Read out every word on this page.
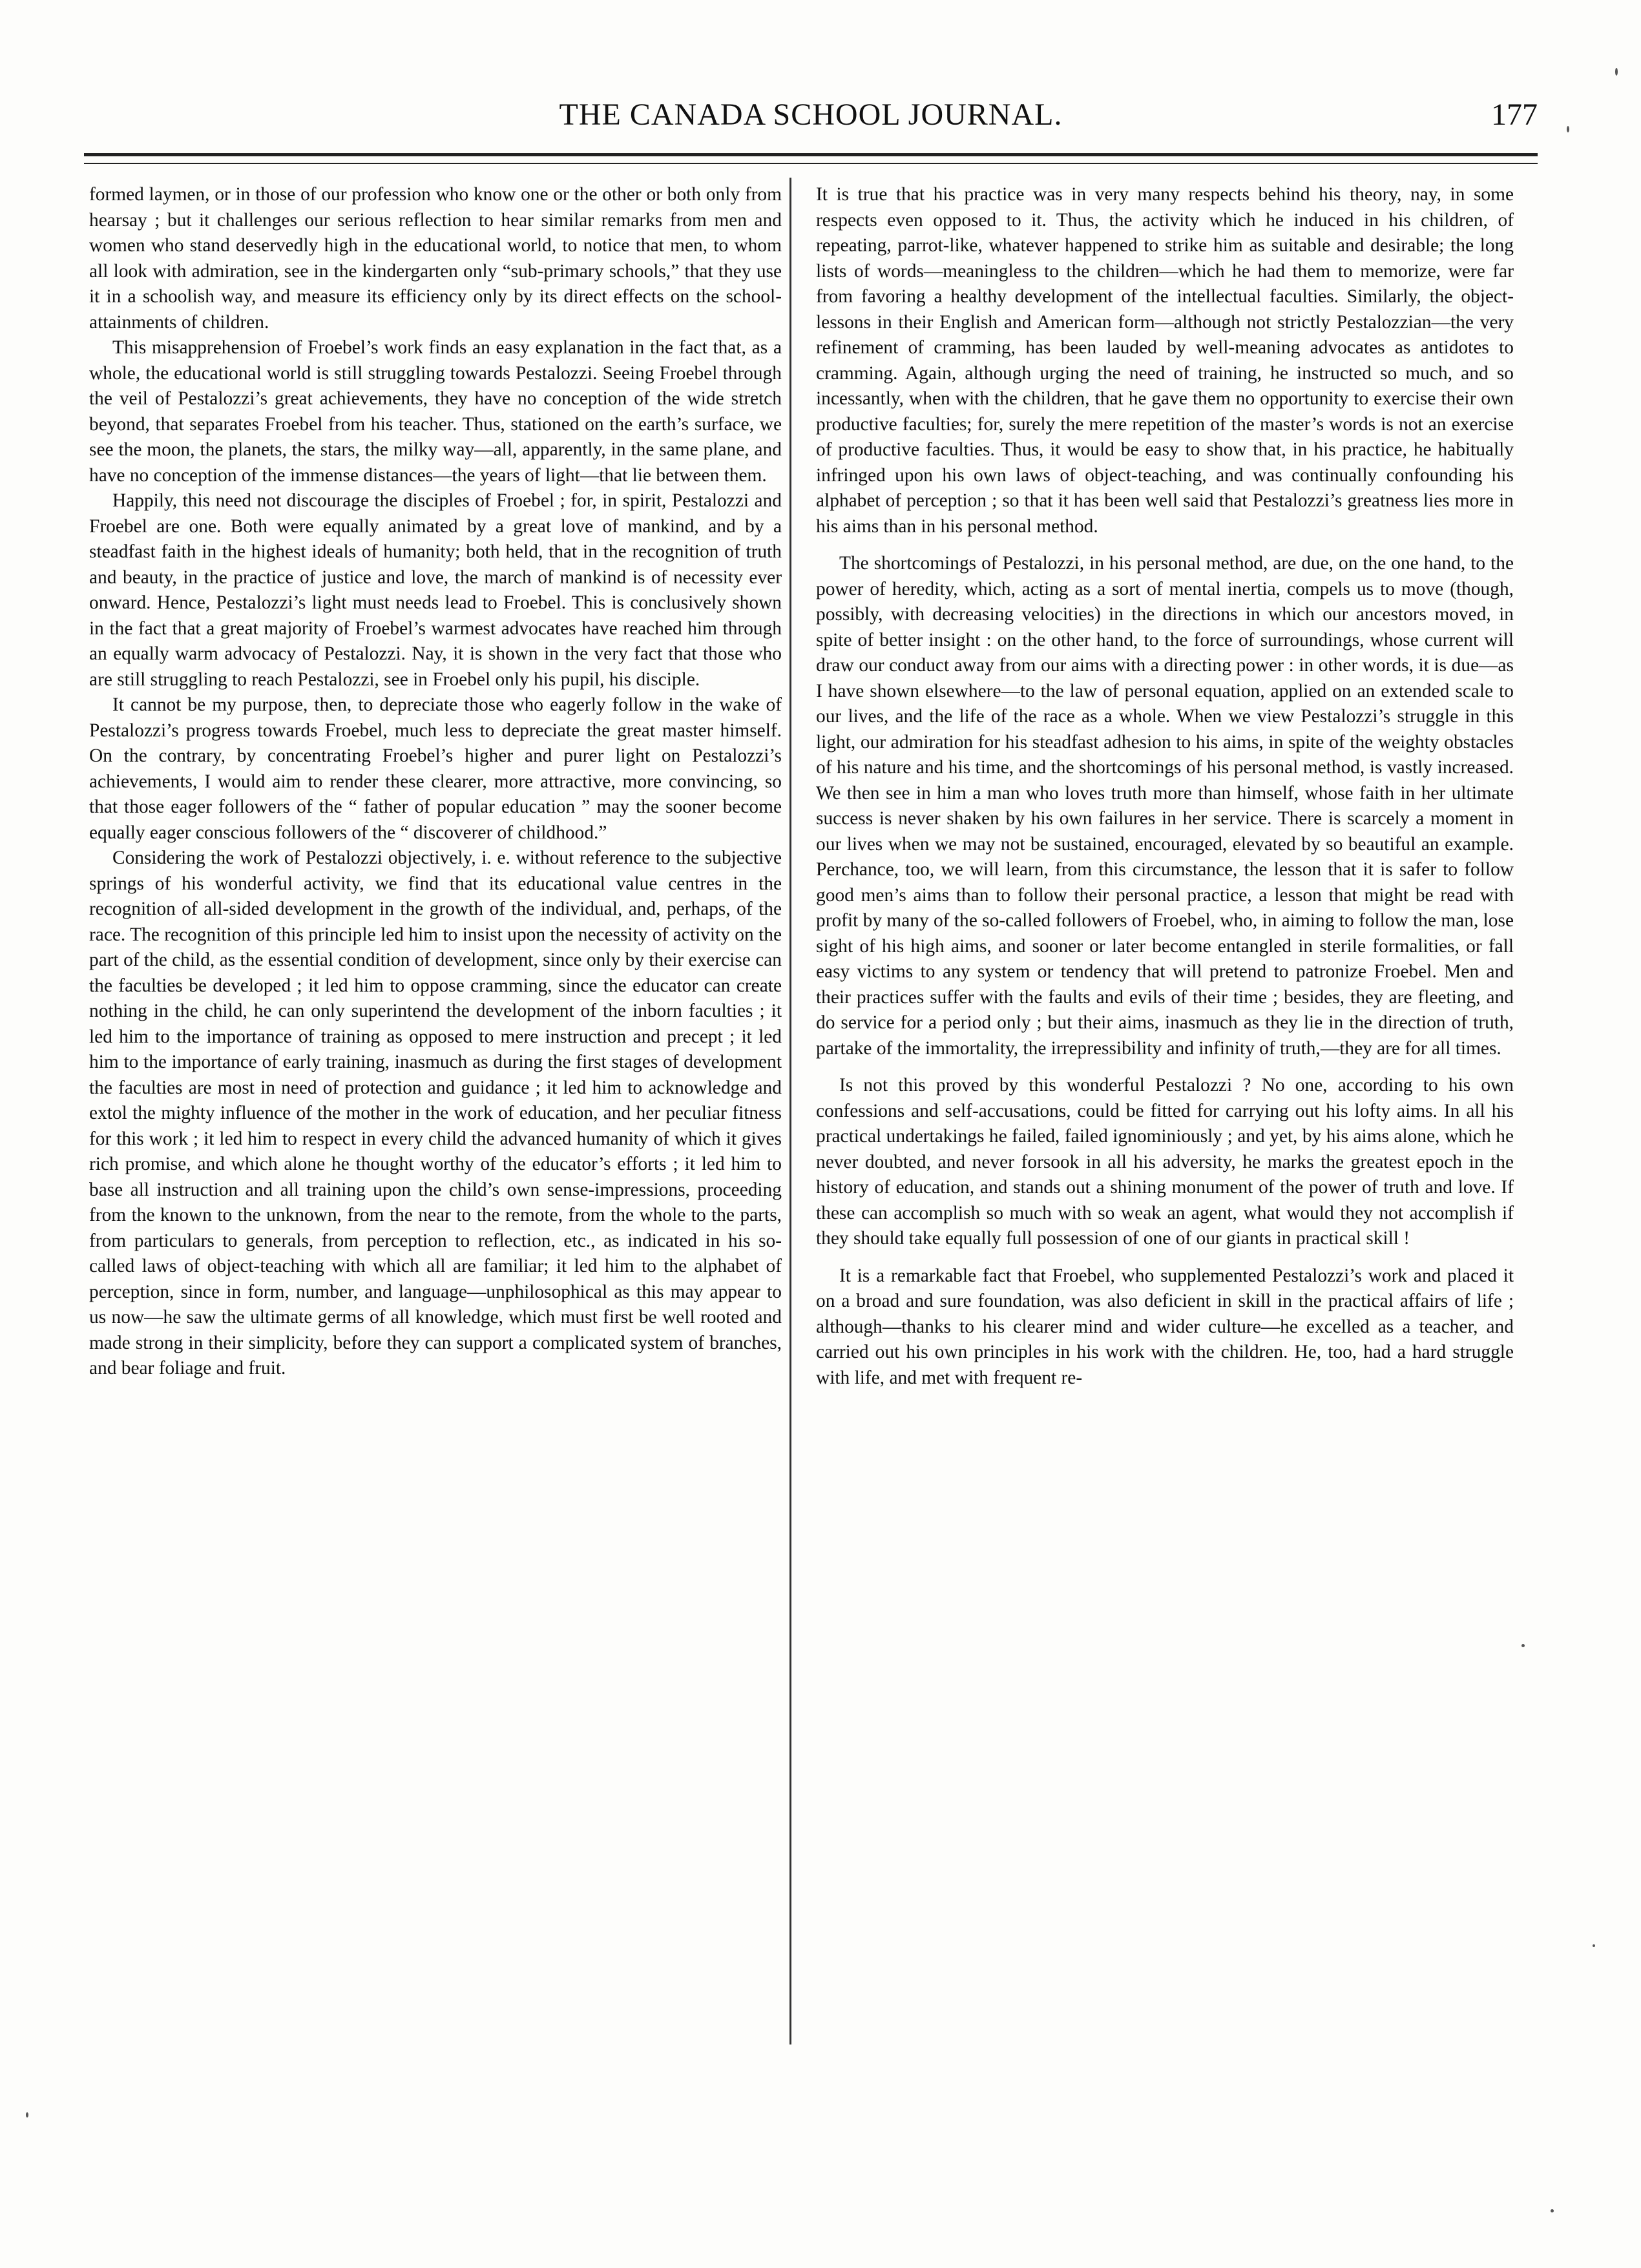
THE CANADA SCHOOL JOURNAL.	177

formed laymen, or in those of our profession who know one or the other or both only from hearsay ; but it challenges our serious reflection to hear similar remarks from men and women who stand deservedly high in the educational world, to notice that men, to whom all look with admiration, see in the kindergarten only “sub-primary schools,” that they use it in a schoolish way, and measure its efficiency only by its direct effects on the school-attainments of children.

This misapprehension of Froebel’s work finds an easy explanation in the fact that, as a whole, the educational world is still struggling towards Pestalozzi. Seeing Froebel through the veil of Pestalozzi’s great achievements, they have no conception of the wide stretch beyond, that separates Froebel from his teacher. Thus, stationed on the earth’s surface, we see the moon, the planets, the stars, the milky way—all, apparently, in the same plane, and have no conception of the immense distances—the years of light—that lie between them.

Happily, this need not discourage the disciples of Froebel ; for, in spirit, Pestalozzi and Froebel are one. Both were equally animated by a great love of mankind, and by a steadfast faith in the highest ideals of humanity; both held, that in the recognition of truth and beauty, in the practice of justice and love, the march of mankind is of necessity ever onward. Hence, Pestalozzi’s light must needs lead to Froebel. This is conclusively shown in the fact that a great majority of Froebel’s warmest advocates have reached him through an equally warm advocacy of Pestalozzi. Nay, it is shown in the very fact that those who are still struggling to reach Pestalozzi, see in Froebel only his pupil, his disciple.

It cannot be my purpose, then, to depreciate those who eagerly follow in the wake of Pestalozzi’s progress towards Froebel, much less to depreciate the great master himself. On the contrary, by concentrating Froebel’s higher and purer light on Pestalozzi’s achievements, I would aim to render these clearer, more attractive, more convincing, so that those eager followers of the “ father of popular education ” may the sooner become equally eager conscious followers of the “ discoverer of childhood.”

Considering the work of Pestalozzi objectively, i. e. without reference to the subjective springs of his wonderful activity, we find that its educational value centres in the recognition of all-sided development in the growth of the individual, and, perhaps, of the race. The recognition of this principle led him to insist upon the necessity of activity on the part of the child, as the essential condition of development, since only by their exercise can the faculties be developed ; it led him to oppose cramming, since the educator can create nothing in the child, he can only superintend the development of the inborn faculties ; it led him to the importance of training as opposed to mere instruction and precept ; it led him to the importance of early training, inasmuch as during the first stages of development the faculties are most in need of protection and guidance ; it led him to acknowledge and extol the mighty influence of the mother in the work of education, and her peculiar fitness for this work ; it led him to respect in every child the advanced humanity of which it gives rich promise, and which alone he thought worthy of the educator’s efforts ; it led him to base all instruction and all training upon the child’s own sense-impressions, proceeding from the known to the unknown, from the near to the remote, from the whole to the parts, from particulars to generals, from perception to reflection, etc., as indicated in his so-called laws of object-teaching with which all are familiar; it led him to the alphabet of perception, since in form, number, and language—unphilosophical as this may appear to us now—he saw the ultimate germs of all knowledge, which must first be well rooted and made strong in their simplicity, before they can support a complicated system of branches, and bear foliage and fruit.

It is true that his practice was in very many respects behind his theory, nay, in some respects even opposed to it. Thus, the activity which he induced in his children, of repeating, parrot-like, whatever happened to strike him as suitable and desirable; the long lists of words—meaningless to the children—which he had them to memorize, were far from favoring a healthy development of the intellectual faculties. Similarly, the object-lessons in their English and American form—although not strictly Pestalozzian—the very refinement of cramming, has been lauded by well-meaning advocates as antidotes to cramming. Again, although urging the need of training, he instructed so much, and so incessantly, when with the children, that he gave them no opportunity to exercise their own productive faculties; for, surely the mere repetition of the master’s words is not an exercise of productive faculties. Thus, it would be easy to show that, in his practice, he habitually infringed upon his own laws of object-teaching, and was continually confounding his alphabet of perception ; so that it has been well said that Pestalozzi’s greatness lies more in his aims than in his personal method.

The shortcomings of Pestalozzi, in his personal method, are due, on the one hand, to the power of heredity, which, acting as a sort of mental inertia, compels us to move (though, possibly, with decreasing velocities) in the directions in which our ancestors moved, in spite of better insight : on the other hand, to the force of surroundings, whose current will draw our conduct away from our aims with a directing power : in other words, it is due—as I have shown elsewhere—to the law of personal equation, applied on an extended scale to our lives, and the life of the race as a whole. When we view Pestalozzi’s struggle in this light, our admiration for his steadfast adhesion to his aims, in spite of the weighty obstacles of his nature and his time, and the shortcomings of his personal method, is vastly increased. We then see in him a man who loves truth more than himself, whose faith in her ultimate success is never shaken by his own failures in her service. There is scarcely a moment in our lives when we may not be sustained, encouraged, elevated by so beautiful an example. Perchance, too, we will learn, from this circumstance, the lesson that it is safer to follow good men’s aims than to follow their personal practice, a lesson that might be read with profit by many of the so-called followers of Froebel, who, in aiming to follow the man, lose sight of his high aims, and sooner or later become entangled in sterile formalities, or fall easy victims to any system or tendency that will pretend to patronize Froebel. Men and their practices suffer with the faults and evils of their time ; besides, they are fleeting, and do service for a period only ; but their aims, inasmuch as they lie in the direction of truth, partake of the immortality, the irrepressibility and infinity of truth,—they are for all times.

Is not this proved by this wonderful Pestalozzi ? No one, according to his own confessions and self-accusations, could be fitted for carrying out his lofty aims. In all his practical undertakings he failed, failed ignominiously ; and yet, by his aims alone, which he never doubted, and never forsook in all his adversity, he marks the greatest epoch in the history of education, and stands out a shining monument of the power of truth and love. If these can accomplish so much with so weak an agent, what would they not accomplish if they should take equally full possession of one of our giants in practical skill !

It is a remarkable fact that Froebel, who supplemented Pestalozzi’s work and placed it on a broad and sure foundation, was also deficient in skill in the practical affairs of life ; although—thanks to his clearer mind and wider culture—he excelled as a teacher, and carried out his own principles in his work with the children. He, too, had a hard struggle with life, and met with frequent re-
